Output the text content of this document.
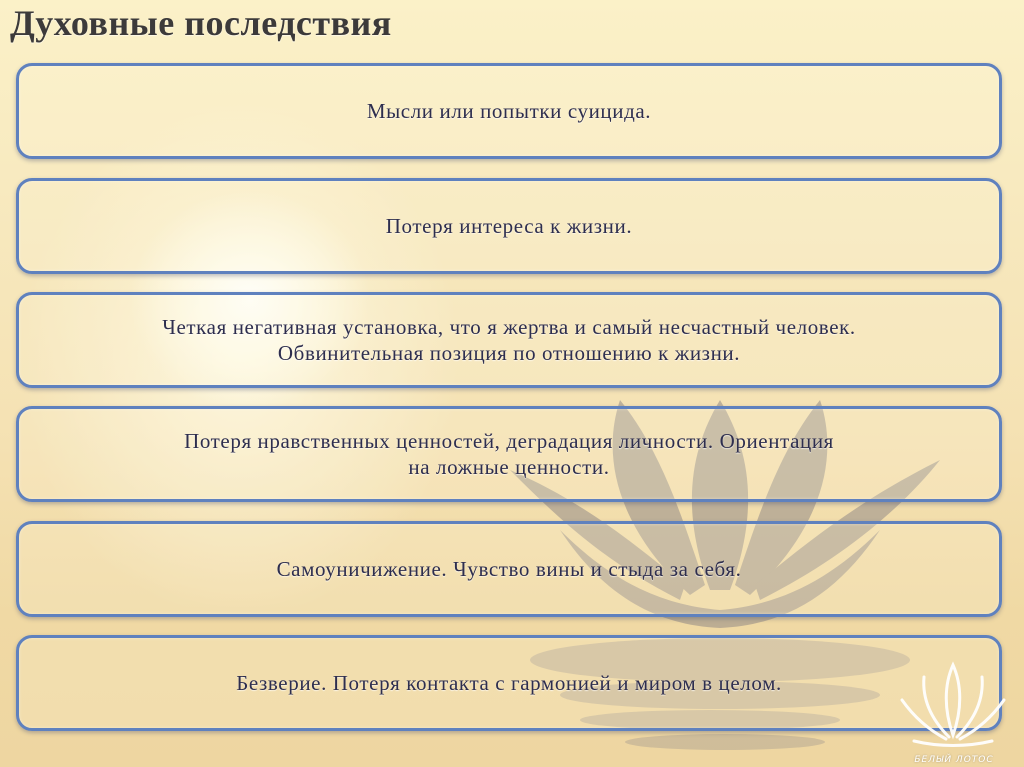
Духовные последствия
Мысли или попытки суицида.
Потеря интереса к жизни.
Четкая негативная установка, что я жертва и самый несчастный человек.
Обвинительная позиция по отношению к жизни.
Потеря нравственных ценностей, деградация личности. Ориентация
на ложные ценности.
Самоуничижение. Чувство вины и стыда за себя.
Безверие. Потеря контакта с гармонией и миром в целом.
БЕЛЫЙ ЛОТОС
